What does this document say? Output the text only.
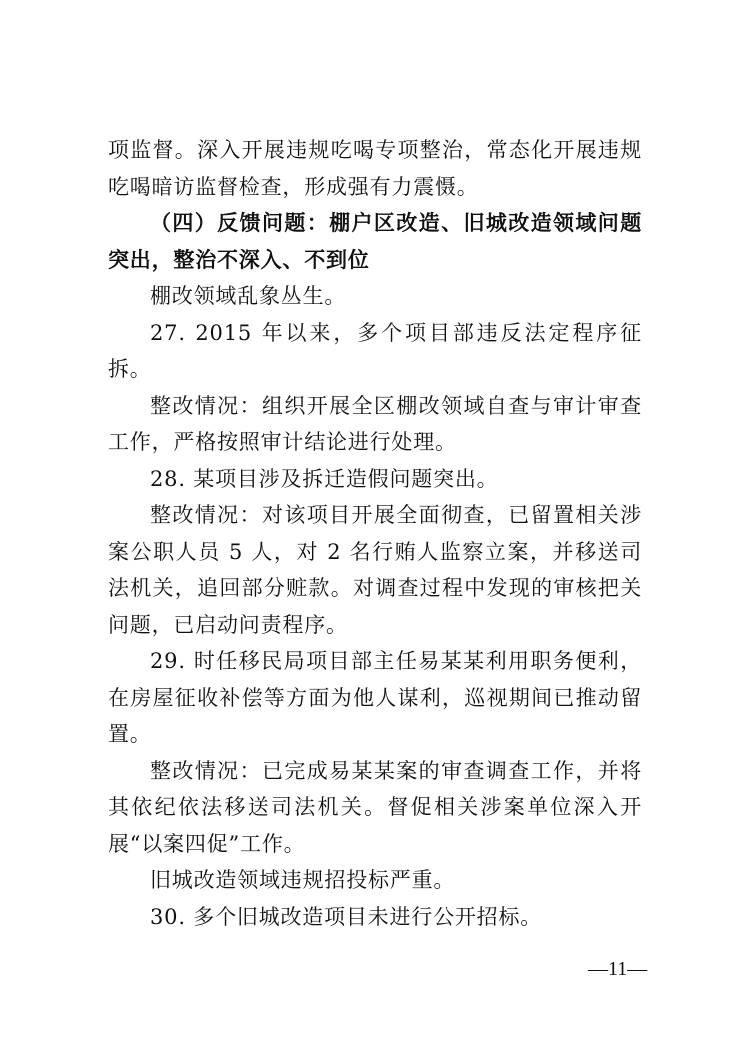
项监督。深入开展违规吃喝专项整治，常态化开展违规吃喝暗访监督检查，形成强有力震慑。

（四）反馈问题：棚户区改造、旧城改造领域问题突出，整治不深入、不到位

棚改领域乱象丛生。

27. 2015 年以来，多个项目部违反法定程序征拆。

整改情况：组织开展全区棚改领域自查与审计审查工作，严格按照审计结论进行处理。

28. 某项目涉及拆迁造假问题突出。

整改情况：对该项目开展全面彻查，已留置相关涉案公职人员 5 人，对 2 名行贿人监察立案，并移送司法机关，追回部分赃款。对调查过程中发现的审核把关问题，已启动问责程序。

29. 时任移民局项目部主任易某某利用职务便利，在房屋征收补偿等方面为他人谋利，巡视期间已推动留置。

整改情况：已完成易某某案的审查调查工作，并将其依纪依法移送司法机关。督促相关涉案单位深入开展“以案四促”工作。

旧城改造领域违规招投标严重。

30. 多个旧城改造项目未进行公开招标。

—11—
